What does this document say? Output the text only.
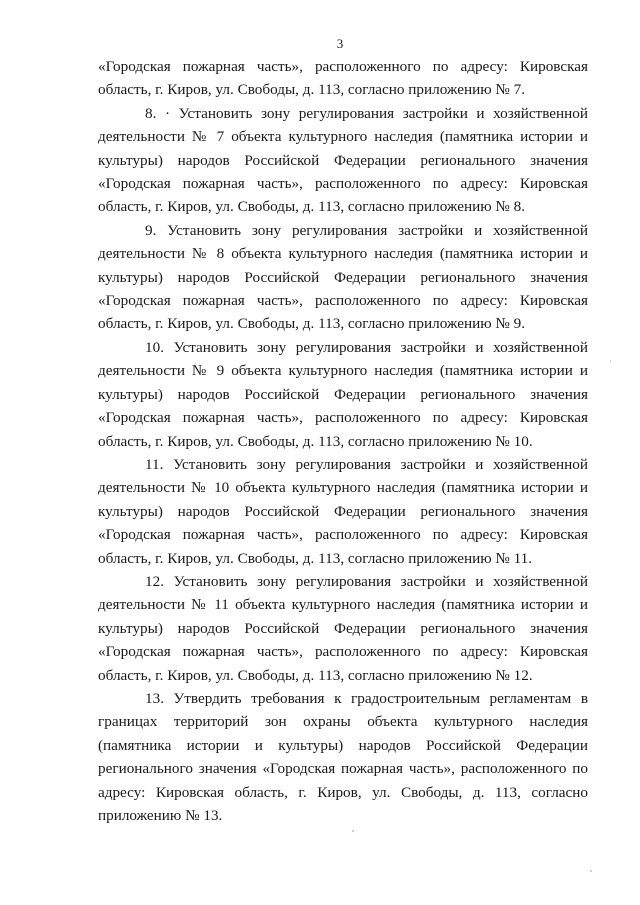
3

«Городская пожарная часть», расположенного по адресу: Кировская область, г. Киров, ул. Свободы, д. 113, согласно приложению № 7.

8. · Установить зону регулирования застройки и хозяйственной деятельности № 7 объекта культурного наследия (памятника истории и культуры) народов Российской Федерации регионального значения «Городская пожарная часть», расположенного по адресу: Кировская область, г. Киров, ул. Свободы, д. 113, согласно приложению № 8.

9. Установить зону регулирования застройки и хозяйственной деятельности № 8 объекта культурного наследия (памятника истории и культуры) народов Российской Федерации регионального значения «Городская пожарная часть», расположенного по адресу: Кировская область, г. Киров, ул. Свободы, д. 113, согласно приложению № 9.

10. Установить зону регулирования застройки и хозяйственной деятельности № 9 объекта культурного наследия (памятника истории и культуры) народов Российской Федерации регионального значения «Городская пожарная часть», расположенного по адресу: Кировская область, г. Киров, ул. Свободы, д. 113, согласно приложению № 10.

11. Установить зону регулирования застройки и хозяйственной деятельности № 10 объекта культурного наследия (памятника истории и культуры) народов Российской Федерации регионального значения «Городская пожарная часть», расположенного по адресу: Кировская область, г. Киров, ул. Свободы, д. 113, согласно приложению № 11.

12. Установить зону регулирования застройки и хозяйственной деятельности № 11 объекта культурного наследия (памятника истории и культуры) народов Российской Федерации регионального значения «Городская пожарная часть», расположенного по адресу: Кировская область, г. Киров, ул. Свободы, д. 113, согласно приложению № 12.

13. Утвердить требования к градостроительным регламентам в границах территорий зон охраны объекта культурного наследия (памятника истории и культуры) народов Российской Федерации регионального значения «Городская пожарная часть», расположенного по адресу: Кировская область, г. Киров, ул. Свободы, д. 113, согласно приложению № 13.
